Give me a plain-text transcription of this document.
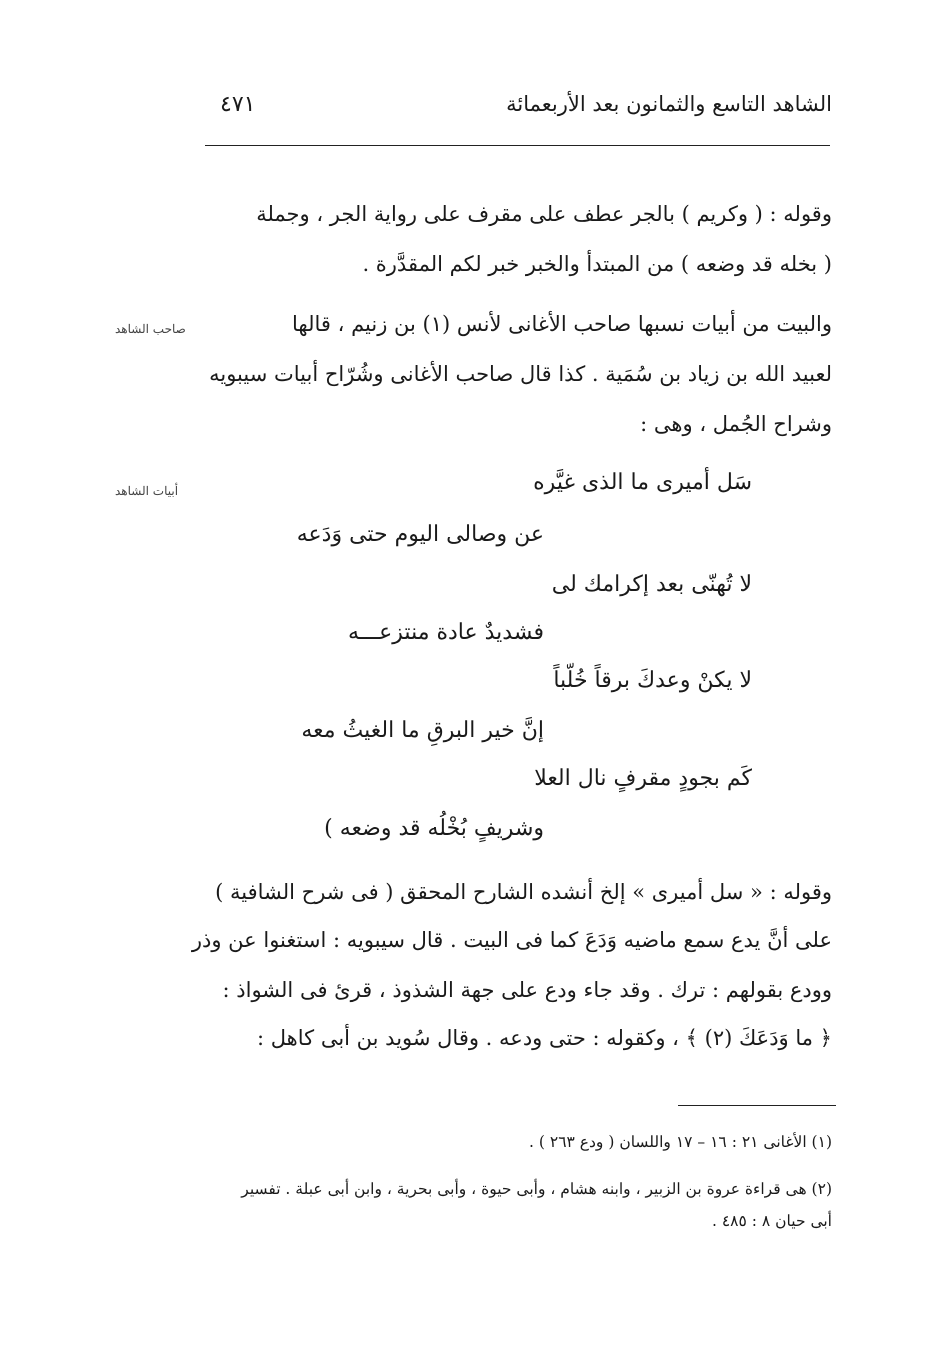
٤٧١	الشاهد التاسع والثمانون بعد الأربعمائة
وقوله : ( وكريم ) بالجر عطف على مقرف على رواية الجر ، وجملة
( بخله قد وضعه ) من المبتدأ والخبر خبر لكم المقدَّرة .
والبيت من أبيات نسبها صاحب الأغانى لأنس (١) بن زنيم ، قالها
صاحب الشاهد
لعبيد الله بن زياد بن سُمَية . كذا قال صاحب الأغانى وشُرّاح أبيات سيبويه
وشراح الجُمل ، وهى :
أبيات الشاهد	سَل أميرى ما الذى غيَّره
عن وصالى اليوم حتى وَدَعه
لا تُهنّى بعد إكرامك لى
فشديدٌ عادة منتزعـــه
لا يكنْ وعدكَ برقاً خُلّباً
إنَّ خير البرقِ ما الغيثُ معه
كَم بجودٍ مقرفٍ نال العلا
وشريفٍ بُخْلُه قد وضعه )
وقوله : « سل أميرى » إلخ أنشده الشارح المحقق ( فى شرح الشافية )
على أنَّ يدع سمع ماضيه وَدَعَ كما فى البيت . قال سيبويه : استغنوا عن وذر
وودع بقولهم : ترك . وقد جاء ودع على جهة الشذوذ ، قرئ فى الشواذ :
﴿ ما وَدَعَكَ (٢) ﴾ ، وكقوله : حتى ودعه . وقال سُويد بن أبى كاهل :
(١) الأغانى ٢١ : ١٦ – ١٧ واللسان ( ودع ٢٦٣ ) .
(٢) هى قراءة عروة بن الزبير ، وابنه هشام ، وأبى حيوة ، وأبى بحرية ، وابن أبى عبلة . تفسير
أبى حيان ٨ : ٤٨٥ .
